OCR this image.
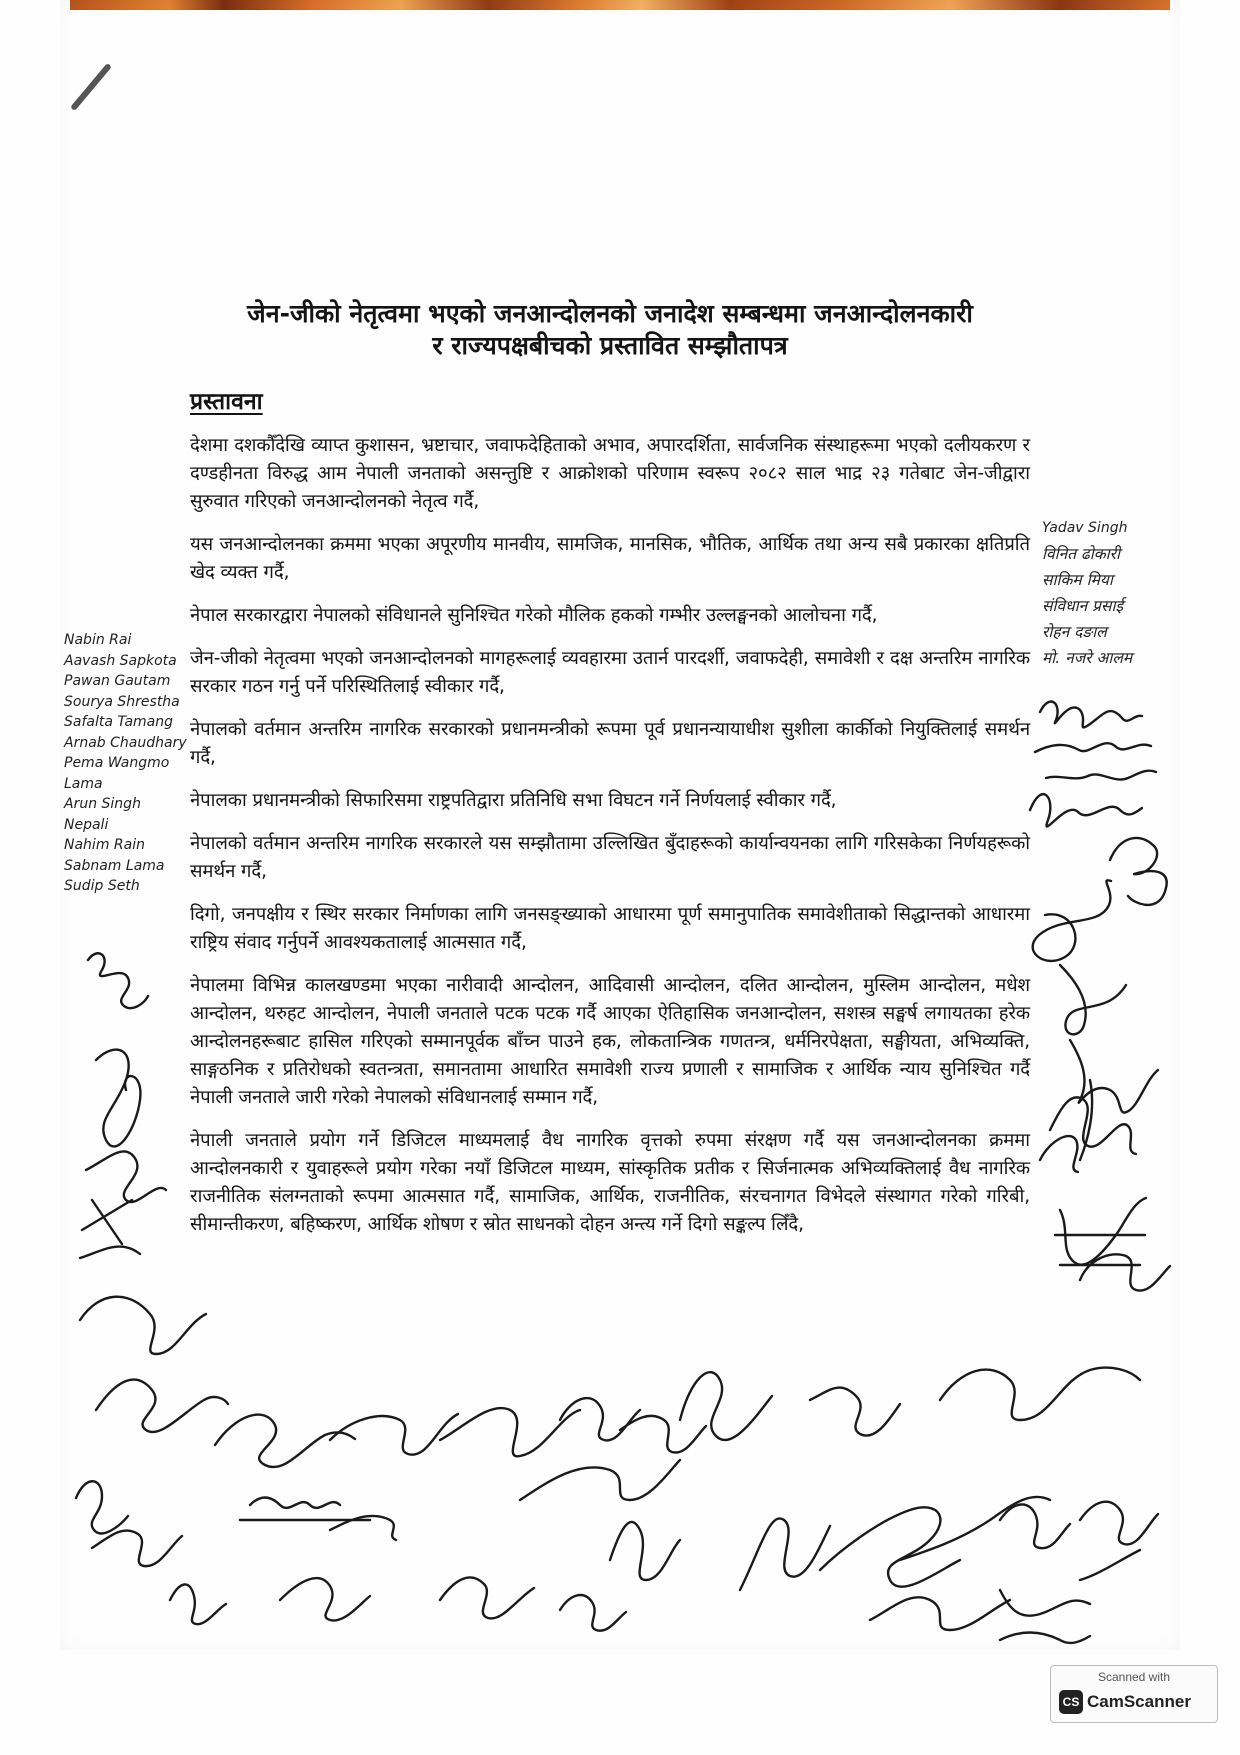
जेन-जीको नेतृत्वमा भएको जनआन्दोलनको जनादेश सम्बन्धमा जनआन्दोलनकारी
र राज्यपक्षबीचको प्रस्तावित सम्झौतापत्र
प्रस्तावना

देशमा दशकौँदेखि व्याप्त कुशासन, भ्रष्टाचार, जवाफदेहिताको अभाव, अपारदर्शिता, सार्वजनिक संस्थाहरूमा भएको दलीयकरण र दण्डहीनता विरुद्ध आम नेपाली जनताको असन्तुष्टि र आक्रोशको परिणाम स्वरूप २०८२ साल भाद्र २३ गतेबाट जेन-जीद्वारा सुरुवात गरिएको जनआन्दोलनको नेतृत्व गर्दै,

यस जनआन्दोलनका क्रममा भएका अपूरणीय मानवीय, सामजिक, मानसिक, भौतिक, आर्थिक तथा अन्य सबै प्रकारका क्षतिप्रति खेद व्यक्त गर्दै,

नेपाल सरकारद्वारा नेपालको संविधानले सुनिश्चित गरेको मौलिक हकको गम्भीर उल्लङ्घनको आलोचना गर्दै,

जेन-जीको नेतृत्वमा भएको जनआन्दोलनको मागहरूलाई व्यवहारमा उतार्न पारदर्शी, जवाफदेही, समावेशी र दक्ष अन्तरिम नागरिक सरकार गठन गर्नु पर्ने परिस्थितिलाई स्वीकार गर्दै,

नेपालको वर्तमान अन्तरिम नागरिक सरकारको प्रधानमन्त्रीको रूपमा पूर्व प्रधानन्यायाधीश सुशीला कार्कीको नियुक्तिलाई समर्थन गर्दै,

नेपालका प्रधानमन्त्रीको सिफारिसमा राष्ट्रपतिद्वारा प्रतिनिधि सभा विघटन गर्ने निर्णयलाई स्वीकार गर्दै,

नेपालको वर्तमान अन्तरिम नागरिक सरकारले यस सम्झौतामा उल्लिखित बुँदाहरूको कार्यान्वयनका लागि गरिसकेका निर्णयहरूको समर्थन गर्दै,

दिगो, जनपक्षीय र स्थिर सरकार निर्माणका लागि जनसङ्ख्याको आधारमा पूर्ण समानुपातिक समावेशीताको सिद्धान्तको आधारमा राष्ट्रिय संवाद गर्नुपर्ने आवश्यकतालाई आत्मसात गर्दै,

नेपालमा विभिन्न कालखण्डमा भएका नारीवादी आन्दोलन, आदिवासी आन्दोलन, दलित आन्दोलन, मुस्लिम आन्दोलन, मधेश आन्दोलन, थरुहट आन्दोलन, नेपाली जनताले पटक पटक गर्दै आएका ऐतिहासिक जनआन्दोलन, सशस्त्र सङ्घर्ष लगायतका हरेक आन्दोलनहरूबाट हासिल गरिएको सम्मानपूर्वक बाँच्न पाउने हक, लोकतान्त्रिक गणतन्त्र, धर्मनिरपेक्षता, सङ्घीयता, अभिव्यक्ति, साङ्गठनिक र प्रतिरोधको स्वतन्त्रता, समानतामा आधारित समावेशी राज्य प्रणाली र सामाजिक र आर्थिक न्याय सुनिश्चित गर्दै नेपाली जनताले जारी गरेको नेपालको संविधानलाई सम्मान गर्दै,

नेपाली जनताले प्रयोग गर्ने डिजिटल माध्यमलाई वैध नागरिक वृत्तको रुपमा संरक्षण गर्दै यस जनआन्दोलनका क्रममा आन्दोलनकारी र युवाहरूले प्रयोग गरेका नयाँ डिजिटल माध्यम, सांस्कृतिक प्रतीक र सिर्जनात्मक अभिव्यक्तिलाई वैध नागरिक राजनीतिक संलग्नताको रूपमा आत्मसात गर्दै, सामाजिक, आर्थिक, राजनीतिक, संरचनागत विभेदले संस्थागत गरेको गरिबी, सीमान्तीकरण, बहिष्करण, आर्थिक शोषण र स्रोत साधनको दोहन अन्त्य गर्ने दिगो सङ्कल्प लिँदै,

Nabin Rai
Aavash Sapkota
Pawan Gautam
Sourya Shrestha
Safalta Tamang
Arnab Chaudhary
Pema Wangmo
Lama
Arun Singh
Nepali
Nahim Rain
Sabnam Lama
Sudip Seth
Yadav Singh
विनित ढोकारी
साकिम मिया
संविधान प्रसाई
रोहन दङाल
मो. नजरे आलम
Scanned with
CS CamScanner
